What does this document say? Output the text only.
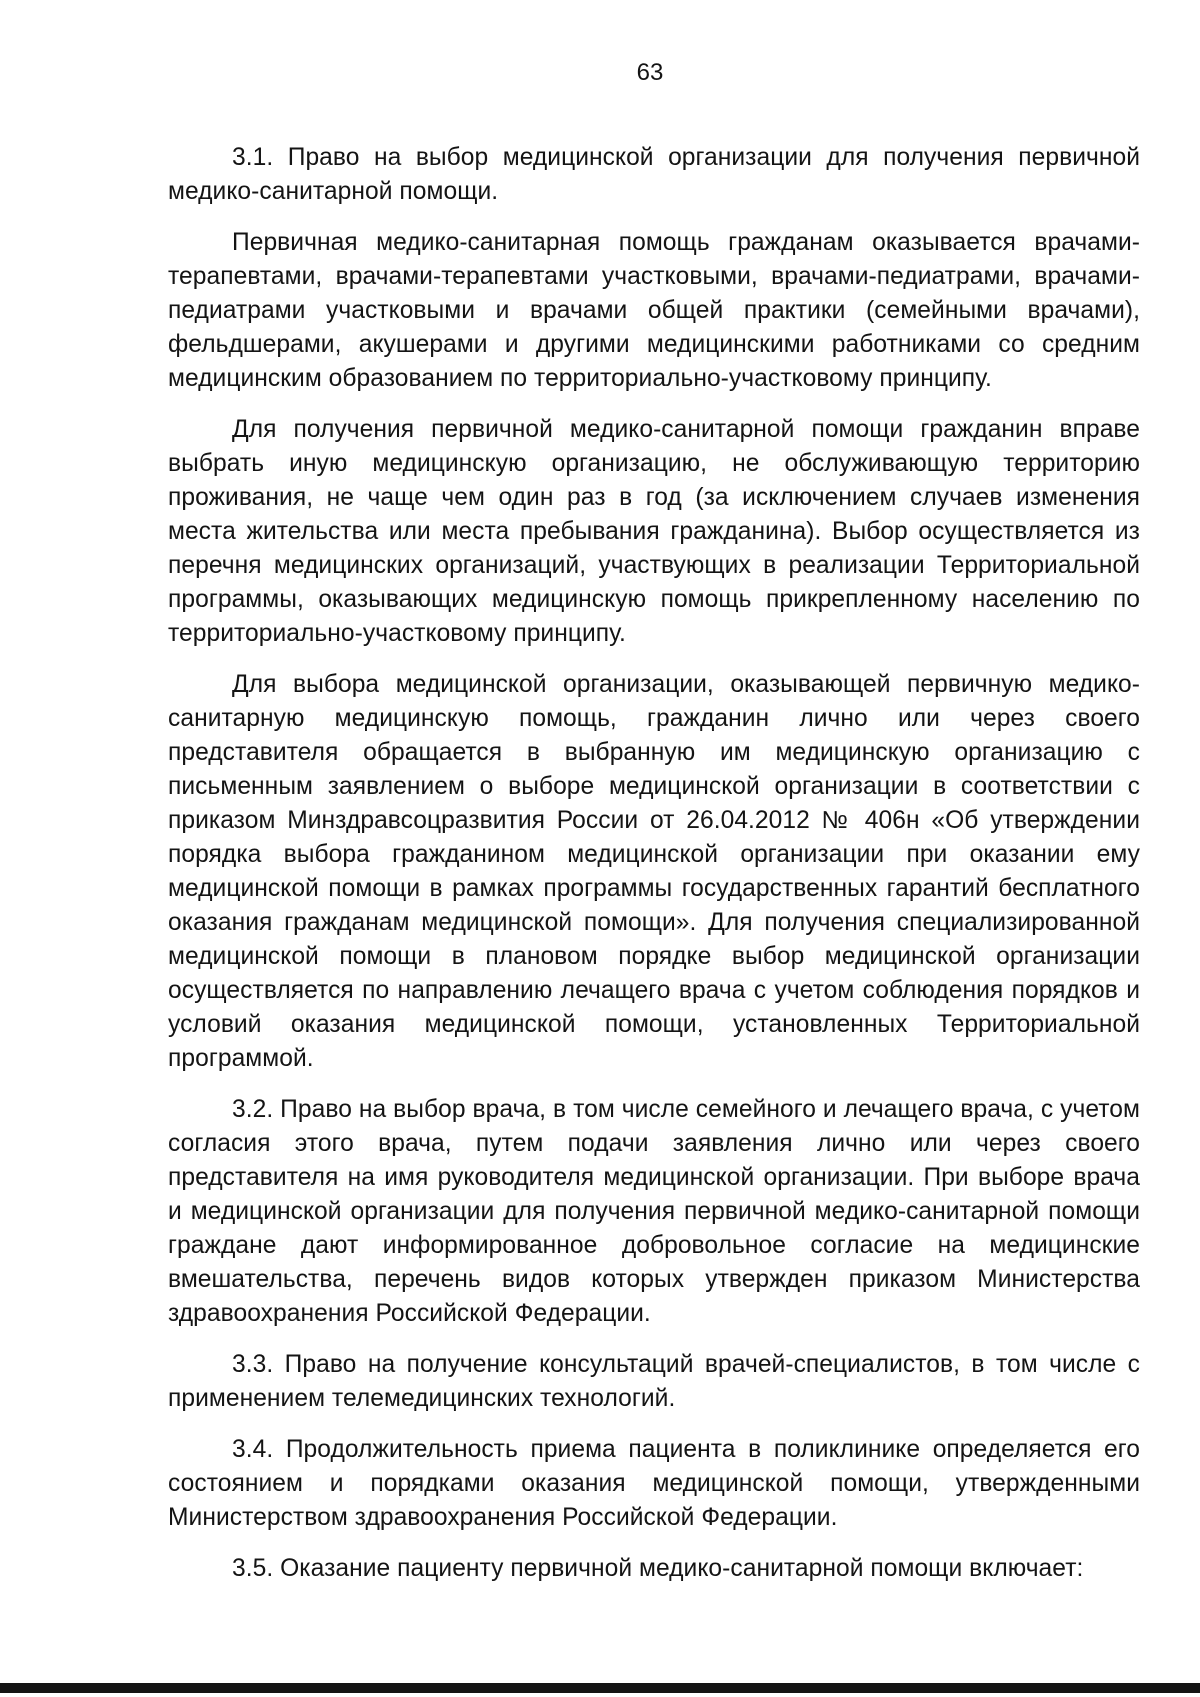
63

3.1. Право на выбор медицинской организации для получения первичной медико-санитарной помощи.

Первичная медико-санитарная помощь гражданам оказывается врачами-терапевтами, врачами-терапевтами участковыми, врачами-педиатрами, врачами-педиатрами участковыми и врачами общей практики (семейными врачами), фельдшерами, акушерами и другими медицинскими работниками со средним медицинским образованием по территориально-участковому принципу.

Для получения первичной медико-санитарной помощи гражданин вправе выбрать иную медицинскую организацию, не обслуживающую территорию проживания, не чаще чем один раз в год (за исключением случаев изменения места жительства или места пребывания гражданина). Выбор осуществляется из перечня медицинских организаций, участвующих в реализации Территориальной программы, оказывающих медицинскую помощь прикрепленному населению по территориально-участковому принципу.

Для выбора медицинской организации, оказывающей первичную медико-санитарную медицинскую помощь, гражданин лично или через своего представителя обращается в выбранную им медицинскую организацию с письменным заявлением о выборе медицинской организации в соответствии с приказом Минздравсоцразвития России от 26.04.2012 № 406н «Об утверждении порядка выбора гражданином медицинской организации при оказании ему медицинской помощи в рамках программы государственных гарантий бесплатного оказания гражданам медицинской помощи». Для получения специализированной медицинской помощи в плановом порядке выбор медицинской организации осуществляется по направлению лечащего врача с учетом соблюдения порядков и условий оказания медицинской помощи, установленных Территориальной программой.

3.2. Право на выбор врача, в том числе семейного и лечащего врача, с учетом согласия этого врача, путем подачи заявления лично или через своего представителя на имя руководителя медицинской организации. При выборе врача и медицинской организации для получения первичной медико-санитарной помощи граждане дают информированное добровольное согласие на медицинские вмешательства, перечень видов которых утвержден приказом Министерства здравоохранения Российской Федерации.

3.3. Право на получение консультаций врачей-специалистов, в том числе с применением телемедицинских технологий.

3.4. Продолжительность приема пациента в поликлинике определяется его состоянием и порядками оказания медицинской помощи, утвержденными Министерством здравоохранения Российской Федерации.

3.5. Оказание пациенту первичной медико-санитарной помощи включает:
